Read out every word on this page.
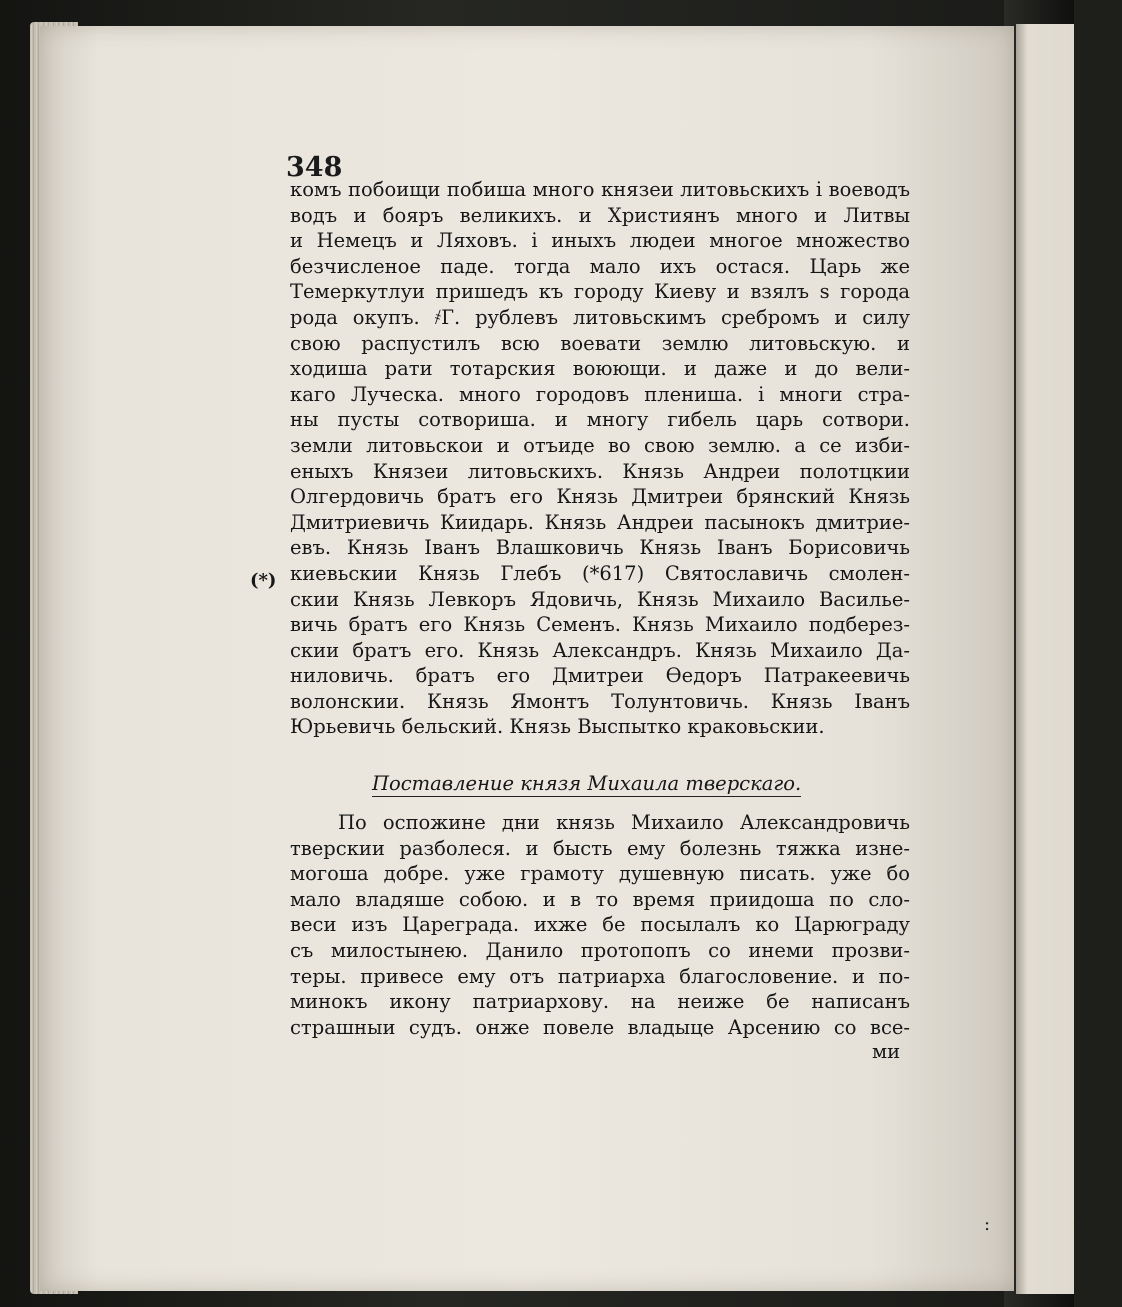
348
комъ побоищи побиша много князеи литовьскихъ і воеводъ
водъ и бояръ великихъ. и Християнъ много и Литвы
и Немецъ и Ляховъ. і иныхъ людеи многое множество
безчисленое паде. тогда мало ихъ остася. Царь же
Темеркутлуи пришедъ къ городу Киеву и взялъ s города
рода окупъ. ҂Г. рублевъ литовьскимъ сребромъ и силу
свою распустилъ всю воевати землю литовьскую. и
ходиша рати тотарския воюющи. и даже и до вели-
каго Луческа. много городовъ плениша. і многи стра-
ны пусты сотвориша. и многу гибель царь сотвори.
земли литовьскои и отъиде во свою землю. а се изби-
еныхъ Князеи литовьскихъ. Князь Андреи полотцкии
Олгердовичь братъ его Князь Дмитреи брянский Князь
Дмитриевичь Киидарь. Князь Андреи пасынокъ дмитрие-
евъ. Князь Іванъ Влашковичь Князь Іванъ Борисовичь
киевьскии Князь Глебъ (*617) Святославичь смолен-
скии Князь Левкоръ Ядовичь, Князь Михаило Василье-
вичь братъ его Князь Семенъ. Князь Михаило подберез-
скии братъ его. Князь Александръ. Князь Михаило Да-
ниловичь. братъ его Дмитреи Өедоръ Патракеевичь
волонскии. Князь Ямонтъ Толунтовичь. Князь Іванъ
Юрьевичь бельский. Князь Выспытко краковьскии.
(*)
Поставление князя Михаила тверскаго.
По оспожине дни князь Михаило Александровичь
тверскии разболеся. и бысть ему болезнь тяжка изне-
могоша добре. уже грамоту душевную писать. уже бо
мало владяше собою. и в то время приидоша по сло-
веси изъ Цареграда. ихже бе посылалъ ко Царюграду
съ милостынею. Данило протопопъ со инеми прозви-
теры. привесе ему отъ патриарха благословение. и по-
минокъ икону патриархову. на неиже бе написанъ
страшныи судъ. онже повеле владыце Арсению со все-
ми
: :
